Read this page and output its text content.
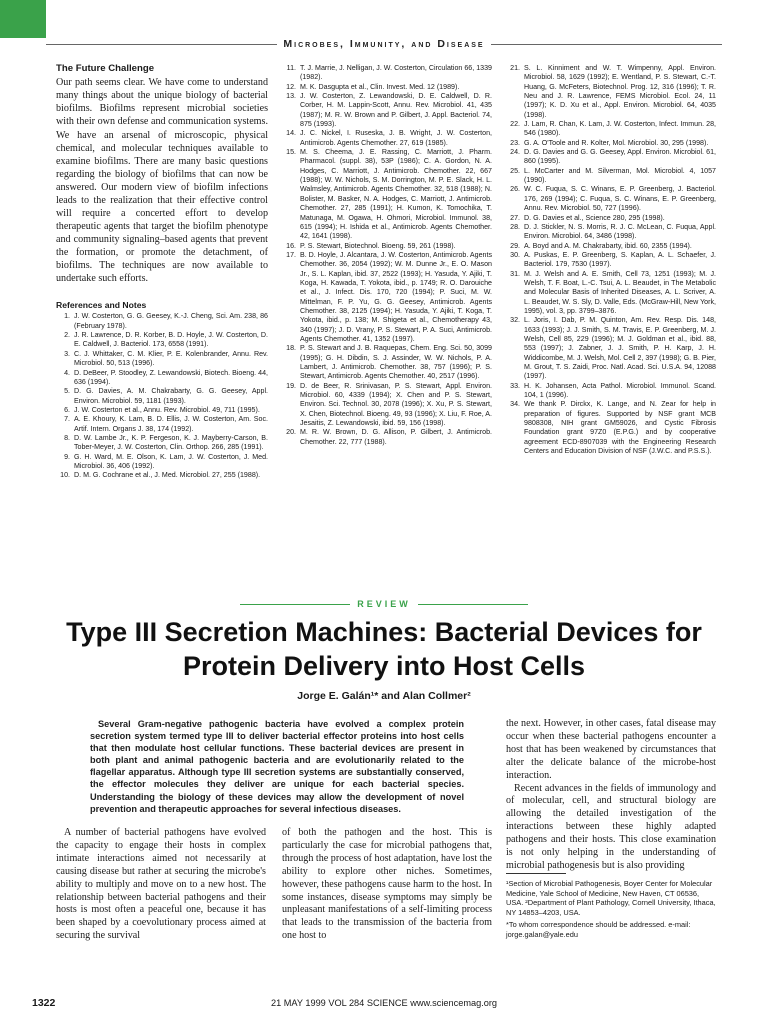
Microbes, Immunity, and Disease
The Future Challenge

Our path seems clear. We have come to understand many things about the unique biology of bacterial biofilms. Biofilms represent microbial societies with their own defense and communication systems. We have an arsenal of microscopic, physical chemical, and molecular techniques available to examine biofilms. There are many basic questions regarding the biology of biofilms that can now be answered. Our modern view of biofilm infections leads to the realization that their effective control will require a concerted effort to develop therapeutic agents that target the biofilm phenotype and community signaling–based agents that prevent the formation, or promote the detachment, of biofilms. The techniques are now available to undertake such efforts.

References and Notes
1. J. W. Costerton, G. G. Geesey, K.-J. Cheng, Sci. Am. 238, 86 (February 1978).
2. J. R. Lawrence, D. R. Korber, B. D. Hoyle, J. W. Costerton, D. E. Caldwell, J. Bacteriol. 173, 6558 (1991).
3. C. J. Whittaker, C. M. Klier, P. E. Kolenbrander, Annu. Rev. Microbiol. 50, 513 (1996).
4. D. DeBeer, P. Stoodley, Z. Lewandowski, Biotech. Bioeng. 44, 636 (1994).
5. D. G. Davies, A. M. Chakrabarty, G. G. Geesey, Appl. Environ. Microbiol. 59, 1181 (1993).
6. J. W. Costerton et al., Annu. Rev. Microbiol. 49, 711 (1995).
7. A. E. Khoury, K. Lam, B. D. Ellis, J. W. Costerton, Am. Soc. Artif. Intern. Organs J. 38, 174 (1992).
8. D. W. Lambe Jr., K. P. Fergeson, K. J. Mayberry-Carson, B. Tober-Meyer, J. W. Costerton, Clin. Orthop. 266, 285 (1991).
9. G. H. Ward, M. E. Olson, K. Lam, J. W. Costerton, J. Med. Microbiol. 36, 406 (1992).
10. D. M. G. Cochrane et al., J. Med. Microbiol. 27, 255 (1988).
11. T. J. Marrie, J. Nelligan, J. W. Costerton, Circulation 66, 1339 (1982).
12. M. K. Dasgupta et al., Clin. Invest. Med. 12 (1989).
13. J. W. Costerton, Z. Lewandowski, D. E. Caldwell, D. R. Corber, H. M. Lappin-Scott, Annu. Rev. Microbiol. 41, 435 (1987); M. R. W. Brown and P. Gilbert, J. Appl. Bacteriol. 74, 875 (1993).
14. J. C. Nickel, I. Ruseska, J. B. Wright, J. W. Costerton, Antimicrob. Agents Chemother. 27, 619 (1985).
15. M. S. Cheema, J. E. Rassing, C. Marriott, J. Pharm. Pharmacol. (suppl. 38), 53P (1986); C. A. Gordon, N. A. Hodges, C. Marriott, J. Antimicrob. Chemother. 22, 667 (1988); W. W. Nichols, S. M. Dorrington, M. P. E. Slack, H. L. Walmsley, Antimicrob. Agents Chemother. 32, 518 (1988); N. Bolister, M. Basker, N. A. Hodges, C. Marriott, J. Antimicrob. Chemother. 27, 285 (1991); H. Kumon, K. Tomochika, T. Matunaga, M. Ogawa, H. Ohmori, Microbiol. Immunol. 38, 615 (1994); H. Ishida et al., Antimicrob. Agents Chemother. 42, 1641 (1998).
16. P. S. Stewart, Biotechnol. Bioeng. 59, 261 (1998).
17. B. D. Hoyle, J. Alcantara, J. W. Costerton, Antimicrob. Agents Chemother. 36, 2054 (1992); W. M. Dunne Jr., E. O. Mason Jr., S. L. Kaplan, ibid. 37, 2522 (1993); H. Yasuda, Y. Ajiki, T. Koga, H. Kawada, T. Yokota, ibid., p. 1749; R. O. Darouiche et al., J. Infect. Dis. 170, 720 (1994); P. Suci, M. W. Mittelman, F. P. Yu, G. G. Geesey, Antimicrob. Agents Chemother. 38, 2125 (1994); H. Yasuda, Y. Ajiki, T. Koga, T. Yokota, ibid., p. 138; M. Shigeta et al., Chemotherapy 43, 340 (1997); J. D. Vrany, P. S. Stewart, P. A. Suci, Antimicrob. Agents Chemother. 41, 1352 (1997).
18. P. S. Stewart and J. B. Raquepas, Chem. Eng. Sci. 50, 3099 (1995); G. H. Dibdin, S. J. Assinder, W. W. Nichols, P. A. Lambert, J. Antimicrob. Chemother. 38, 757 (1996); P. S. Stewart, Antimicrob. Agents Chemother. 40, 2517 (1996).
19. D. de Beer, R. Srinivasan, P. S. Stewart, Appl. Environ. Microbiol. 60, 4339 (1994); X. Chen and P. S. Stewart, Environ. Sci. Technol. 30, 2078 (1996); X. Xu, P. S. Stewart, X. Chen, Biotechnol. Bioeng. 49, 93 (1996); X. Liu, F. Roe, A. Jesaitis, Z. Lewandowski, ibid. 59, 156 (1998).
20. M. R. W. Brown, D. G. Allison, P. Gilbert, J. Antimicrob. Chemother. 22, 777 (1988).
21. S. L. Kinniment and W. T. Wimpenny, Appl. Environ. Microbiol. 58, 1629 (1992); E. Wentland, P. S. Stewart, C.-T. Huang, G. McFeters, Biotechnol. Prog. 12, 316 (1996); T. R. Neu and J. R. Lawrence, FEMS Microbiol. Ecol. 24, 11 (1997); K. D. Xu et al., Appl. Environ. Microbiol. 64, 4035 (1998).
22. J. Lam, R. Chan, K. Lam, J. W. Costerton, Infect. Immun. 28, 546 (1980).
23. G. A. O'Toole and R. Kolter, Mol. Microbiol. 30, 295 (1998).
24. D. G. Davies and G. G. Geesey, Appl. Environ. Microbiol. 61, 860 (1995).
25. L. McCarter and M. Silverman, Mol. Microbiol. 4, 1057 (1990).
26. W. C. Fuqua, S. C. Winans, E. P. Greenberg, J. Bacteriol. 176, 269 (1994); C. Fuqua, S. C. Winans, E. P. Greenberg, Annu. Rev. Microbiol. 50, 727 (1996).
27. D. G. Davies et al., Science 280, 295 (1998).
28. D. J. Stickler, N. S. Morris, R. J. C. McLean, C. Fuqua, Appl. Environ. Microbiol. 64, 3486 (1998).
29. A. Boyd and A. M. Chakrabarty, ibid. 60, 2355 (1994).
30. A. Puskas, E. P. Greenberg, S. Kaplan, A. L. Schaefer, J. Bacteriol. 179, 7530 (1997).
31. M. J. Welsh and A. E. Smith, Cell 73, 1251 (1993); M. J. Welsh, T. F. Boat, L.-C. Tsui, A. L. Beaudet, in The Metabolic and Molecular Basis of Inherited Diseases, A. L. Scriver, A. L. Beaudet, W. S. Sly, D. Valle, Eds. (McGraw-Hill, New York, 1995), vol. 3, pp. 3799–3876.
32. L. Joris, I. Dab, P. M. Quinton, Am. Rev. Resp. Dis. 148, 1633 (1993); J. J. Smith, S. M. Travis, E. P. Greenberg, M. J. Welsh, Cell 85, 229 (1996); M. J. Goldman et al., ibid. 88, 553 (1997); J. Zabner, J. J. Smith, P. H. Karp, J. H. Widdicombe, M. J. Welsh, Mol. Cell 2, 397 (1998); G. B. Pier, M. Grout, T. S. Zaidi, Proc. Natl. Acad. Sci. U.S.A. 94, 12088 (1997).
33. H. K. Johansen, Acta Pathol. Microbiol. Immunol. Scand. 104, 1 (1996).
34. We thank P. Dirckx, K. Lange, and N. Zear for help in preparation of figures. Supported by NSF grant MCB 9808308, NIH grant GM59026, and Cystic Fibrosis Foundation grant 97Z0 (E.P.G.) and by cooperative agreement ECD-8907039 with the Engineering Research Centers and Education Division of NSF (J.W.C. and P.S.S.).
REVIEW
Type III Secretion Machines: Bacterial Devices for Protein Delivery into Host Cells
Jorge E. Galán¹* and Alan Collmer²

Several Gram-negative pathogenic bacteria have evolved a complex protein secretion system termed type III to deliver bacterial effector proteins into host cells that then modulate host cellular functions. These bacterial devices are present in both plant and animal pathogenic bacteria and are evolutionarily related to the flagellar apparatus. Although type III secretion systems are substantially conserved, the effector molecules they deliver are unique for each bacterial species. Understanding the biology of these devices may allow the development of novel prevention and therapeutic approaches for several infectious diseases.

A number of bacterial pathogens have evolved the capacity to engage their hosts in complex intimate interactions aimed not necessarily at causing disease but rather at securing the microbe's ability to multiply and move on to a new host. The relationship between bacterial pathogens and their hosts is most often a peaceful one, because it has been shaped by a coevolutionary process aimed at securing the survival

of both the pathogen and the host. This is particularly the case for microbial pathogens that, through the process of host adaptation, have lost the ability to explore other niches. Sometimes, however, these pathogens cause harm to the host. In some instances, disease symptoms may simply be unpleasant manifestations of a self-limiting process that leads to the transmission of the bacteria from one host to

the next. However, in other cases, fatal disease may occur when these bacterial pathogens encounter a host that has been weakened by circumstances that alter the delicate balance of the microbe-host interaction.

Recent advances in the fields of immunology and of molecular, cell, and structural biology are allowing the detailed investigation of the interactions between these highly adapted pathogens and their hosts. This close examination is not only helping in the understanding of microbial pathogenesis but is also providing

¹Section of Microbial Pathogenesis, Boyer Center for Molecular Medicine, Yale School of Medicine, New Haven, CT 06536, USA. ²Department of Plant Pathology, Cornell University, Ithaca, NY 14853–4203, USA.

*To whom correspondence should be addressed. e-mail: jorge.galan@yale.edu

1322	21 MAY 1999 VOL 284 SCIENCE www.sciencemag.org
